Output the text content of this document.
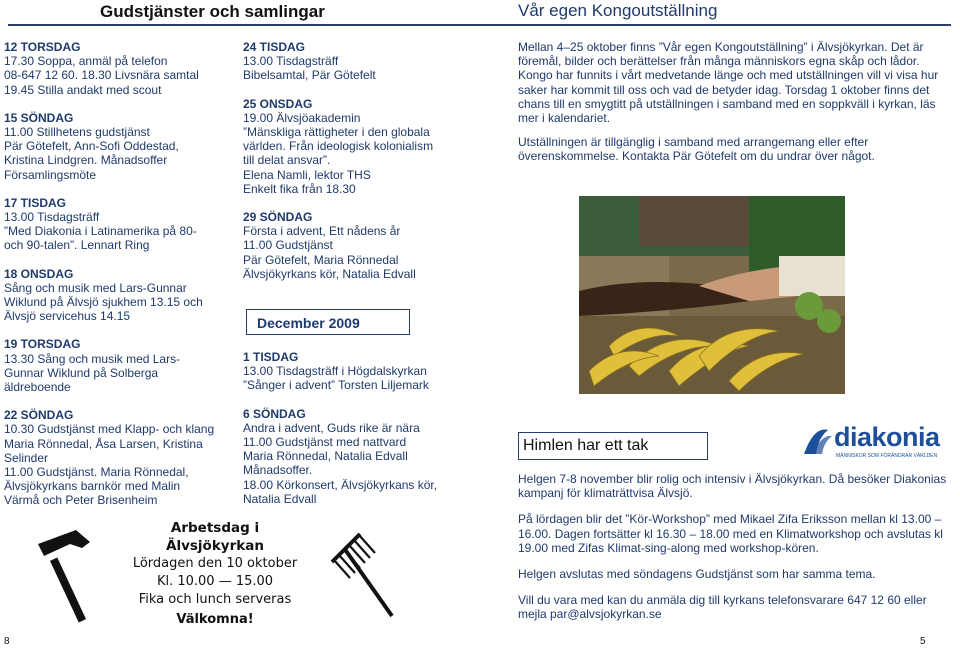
Gudstjänster och samlingar	Vår egen Kongoutställning
12 TORSDAG
17.30 Soppa, anmäl på telefon
08-647 12 60. 18.30 Livsnära samtal
19.45 Stilla andakt med scout
15 SÖNDAG
11.00 Stillhetens gudstjänst
Pär Götefelt, Ann-Sofi Oddestad,
Kristina Lindgren. Månadsoffer
Församlingsmöte
17 TISDAG
13.00 Tisdagsträff
”Med Diakonia i Latinamerika på 80-
och 90-talen”. Lennart Ring
18 ONSDAG
Sång och musik med Lars-Gunnar
Wiklund på Älvsjö sjukhem 13.15 och
Älvsjö servicehus 14.15
19 TORSDAG
13.30 Sång och musik med Lars-
Gunnar Wiklund på Solberga
äldreboende
22 SÖNDAG
10.30 Gudstjänst med Klapp- och klang
Maria Rönnedal, Åsa Larsen, Kristina
Selinder
11.00 Gudstjänst. Maria Rönnedal,
Älvsjökyrkans barnkör med Malin
Värmå och Peter Brisenheim
24 TISDAG
13.00 Tisdagsträff
Bibelsamtal, Pär Götefelt
25 ONSDAG
19.00 Älvsjöakademin
”Mänskliga rättigheter i den globala
världen. Från ideologisk kolonialism
till delat ansvar”.
Elena Namli, lektor THS
Enkelt fika från 18.30
29 SÖNDAG
Första i advent, Ett nådens år
11.00 Gudstjänst
Pär Götefelt, Maria Rönnedal
Älvsjökyrkans kör, Natalia Edvall
December 2009
1 TISDAG
13.00 Tisdagsträff i Högdalskyrkan
”Sånger i advent” Torsten Liljemark
6 SÖNDAG
Andra i advent, Guds rike är nära
11.00 Gudstjänst med nattvard
Maria Rönnedal, Natalia Edvall
Månadsoffer.
18.00 Körkonsert, Älvsjökyrkans kör,
Natalia Edvall

Mellan 4–25 oktober finns ”Vår egen Kongoutställning” i Älvsjökyrkan. Det är föremål, bilder och berättelser från många människors egna skåp och lådor. Kongo har funnits i vårt medvetande länge och med utställningen vill vi visa hur saker har kommit till oss och vad de betyder idag. Torsdag 1 oktober finns det chans till en smygtitt på utställningen i samband med en soppkväll i kyrkan, läs mer i kalendariet.

Utställningen är tillgänglig i samband med arrangemang eller efter överenskommelse. Kontakta Pär Götefelt om du undrar över något.

Himlen har ett tak	diakonia
MÄNNISKOR SOM FÖRÄNDRAR VÄRLDEN

Helgen 7-8 november blir rolig och intensiv i Älvsjökyrkan. Då besöker Diakonias kampanj för klimaträttvisa Älvsjö.

På lördagen blir det ”Kör-Workshop” med Mikael Zifa Eriksson mellan kl 13.00 – 16.00. Dagen fortsätter kl 16.30 – 18.00 med en Klimatworkshop och avslutas kl 19.00 med Zifas Klimat-sing-along med workshop-kören.

Helgen avslutas med söndagens Gudstjänst som har samma tema.

Vill du vara med kan du anmäla dig till kyrkans telefonsvarare 647 12 60 eller mejla par@alvsjokyrkan.se

Arbetsdag i Älvsjökyrkan
Lördagen den 10 oktober
Kl. 10.00 — 15.00
Fika och lunch serveras
Välkomna!
8	5
